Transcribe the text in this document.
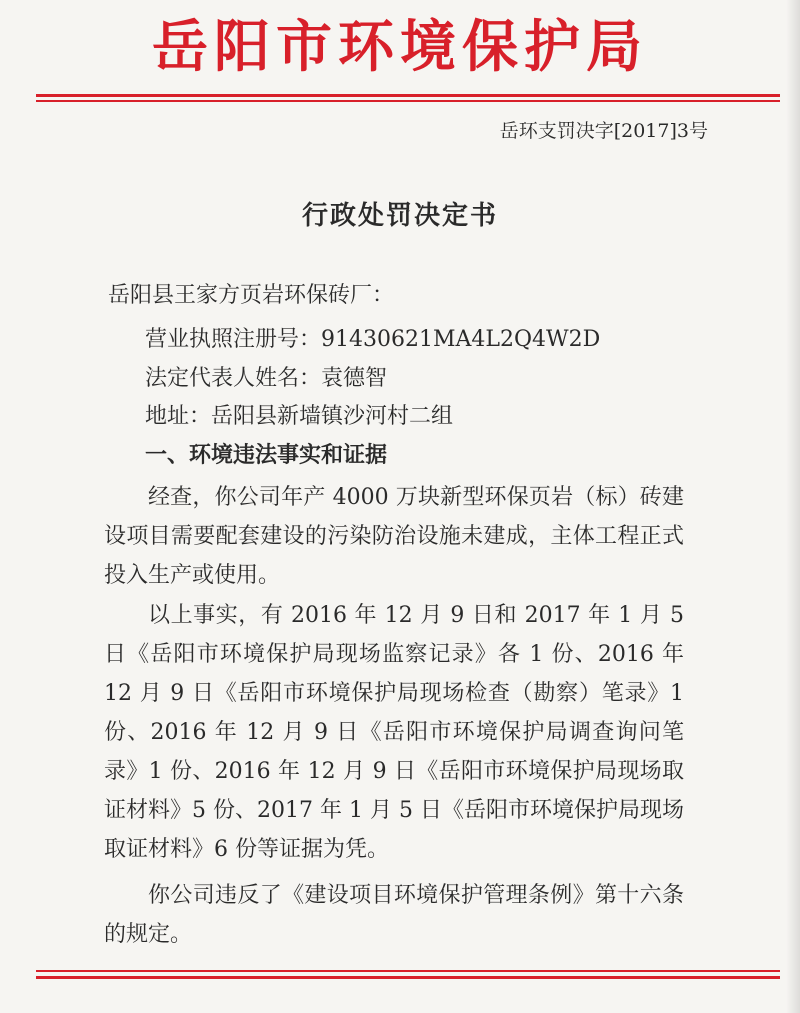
岳阳市环境保护局
岳环支罚决字[2017]3号
行政处罚决定书
岳阳县王家方页岩环保砖厂：
营业执照注册号：91430621MA4L2Q4W2D
法定代表人姓名：袁德智
地址：岳阳县新墙镇沙河村二组
一、环境违法事实和证据
经查，你公司年产 4000 万块新型环保页岩（标）砖建设项目需要配套建设的污染防治设施未建成，主体工程正式投入生产或使用。
以上事实，有 2016 年 12 月 9 日和 2017 年 1 月 5 日《岳阳市环境保护局现场监察记录》各 1 份、2016 年 12 月 9 日《岳阳市环境保护局现场检查（勘察）笔录》1 份、2016 年 12 月 9 日《岳阳市环境保护局调查询问笔录》1 份、2016 年 12 月 9 日《岳阳市环境保护局现场取证材料》5 份、2017 年 1 月 5 日《岳阳市环境保护局现场取证材料》6 份等证据为凭。
你公司违反了《建设项目环境保护管理条例》第十六条的规定。
